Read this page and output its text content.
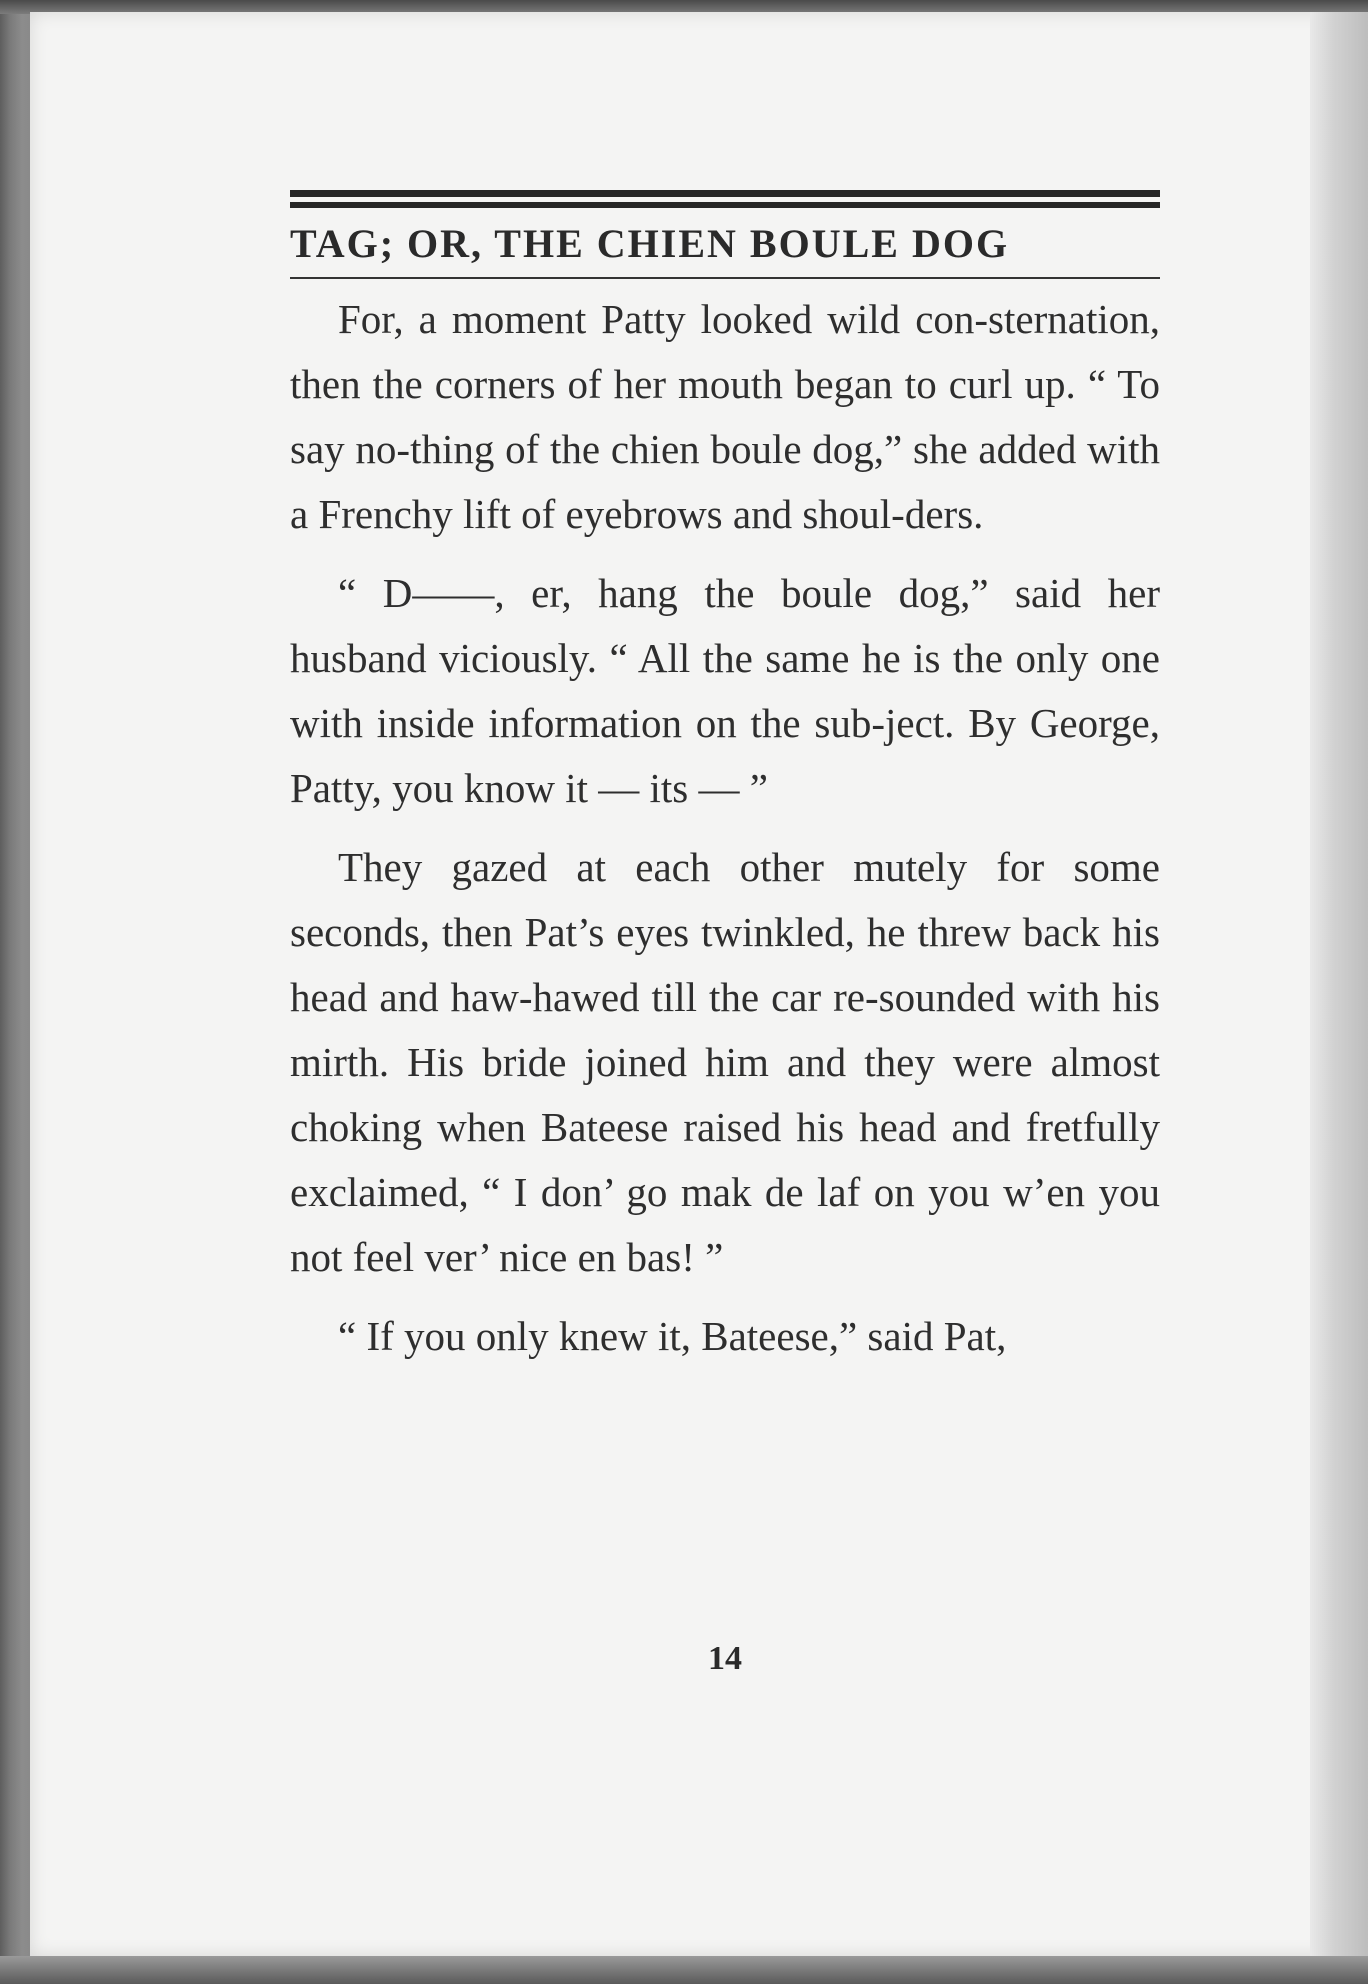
TAG; OR, THE CHIEN BOULE DOG

For, a moment Patty looked wild con-sternation, then the corners of her mouth began to curl up. “ To say no-thing of the chien boule dog,” she added with a Frenchy lift of eyebrows and shoul-ders.

“ D——, er, hang the boule dog,” said her husband viciously. “ All the same he is the only one with inside information on the sub-ject. By George, Patty, you know it — its — ”

They gazed at each other mutely for some seconds, then Pat’s eyes twinkled, he threw back his head and haw-hawed till the car re-sounded with his mirth. His bride joined him and they were almost choking when Bateese raised his head and fretfully exclaimed, “ I don’ go mak de laf on you w’en you not feel ver’ nice en bas! ”

“ If you only knew it, Bateese,” said Pat,

14
